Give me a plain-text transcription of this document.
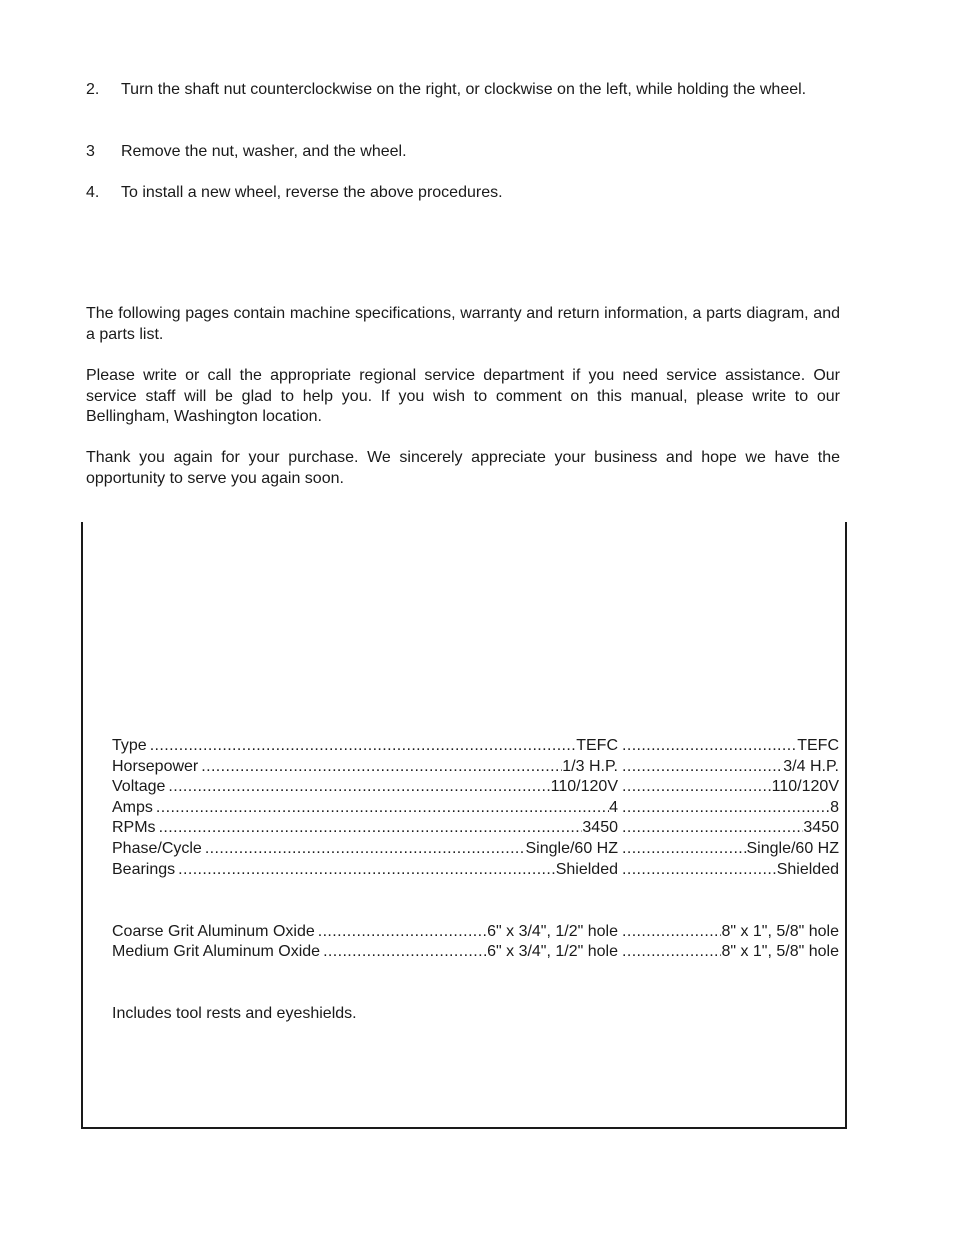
2. Turn the shaft nut counterclockwise on the right, or clockwise on the left, while holding the wheel.
3 Remove the nut, washer, and the wheel.
4. To install a new wheel, reverse the above procedures.
The following pages contain machine specifications, warranty and return information, a parts diagram, and a parts list.
Please write or call the appropriate regional service department if you need service assistance. Our service staff will be glad to help you. If you wish to comment on this manual, please write to our Bellingham, Washington location.
Thank you again for your purchase. We sincerely appreciate your business and hope we have the opportunity to serve you again soon.
Type .....	TEFC .....	TEFC
Horsepower .....	1/3 H.P. .....	3/4 H.P.
Voltage .....	110/120V .....	110/120V
Amps .....	4 .....	8
RPMs .....	3450 .....	3450
Phase/Cycle .....	Single/60 HZ .....	Single/60 HZ
Bearings .....	Shielded .....	Shielded
Coarse Grit Aluminum Oxide .....	6" x 3/4", 1/2" hole .....	8" x 1", 5/8" hole
Medium Grit Aluminum Oxide .....	6" x 3/4", 1/2" hole .....	8" x 1", 5/8" hole
Includes tool rests and eyeshields.
